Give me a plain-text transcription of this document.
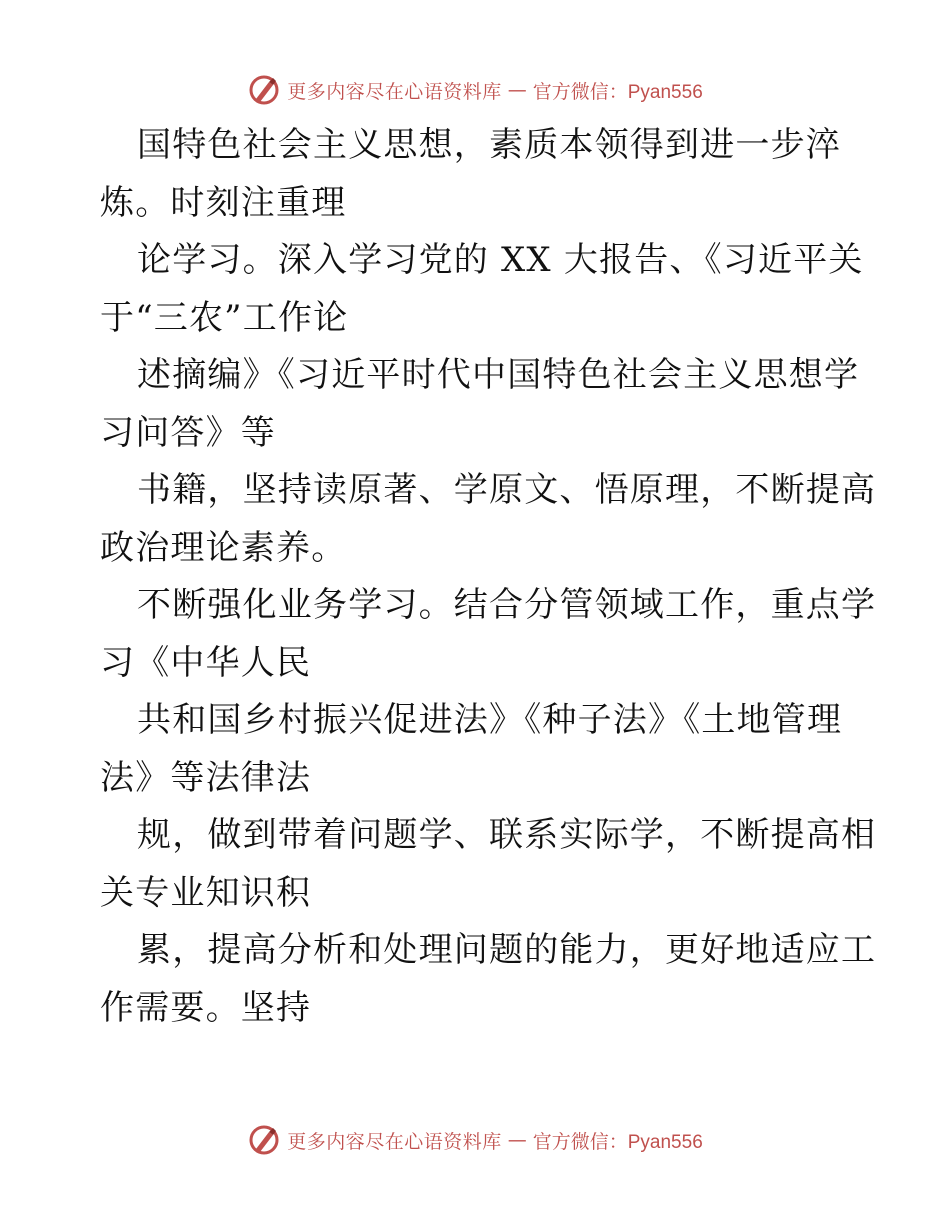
更多内容尽在心语资料库 — 官方微信：Pyan556
国特色社会主义思想，素质本领得到进一步淬
炼。时刻注重理
论学习。深入学习党的 XX 大报告、《习近平关
于“三农”工作论
述摘编》《习近平时代中国特色社会主义思想学
习问答》等
书籍，坚持读原著、学原文、悟原理，不断提高
政治理论素养。
不断强化业务学习。结合分管领域工作，重点学
习《中华人民
共和国乡村振兴促进法》《种子法》《土地管理
法》等法律法
规，做到带着问题学、联系实际学，不断提高相
关专业知识积
累，提高分析和处理问题的能力，更好地适应工
作需要。坚持
更多内容尽在心语资料库 — 官方微信：Pyan556
